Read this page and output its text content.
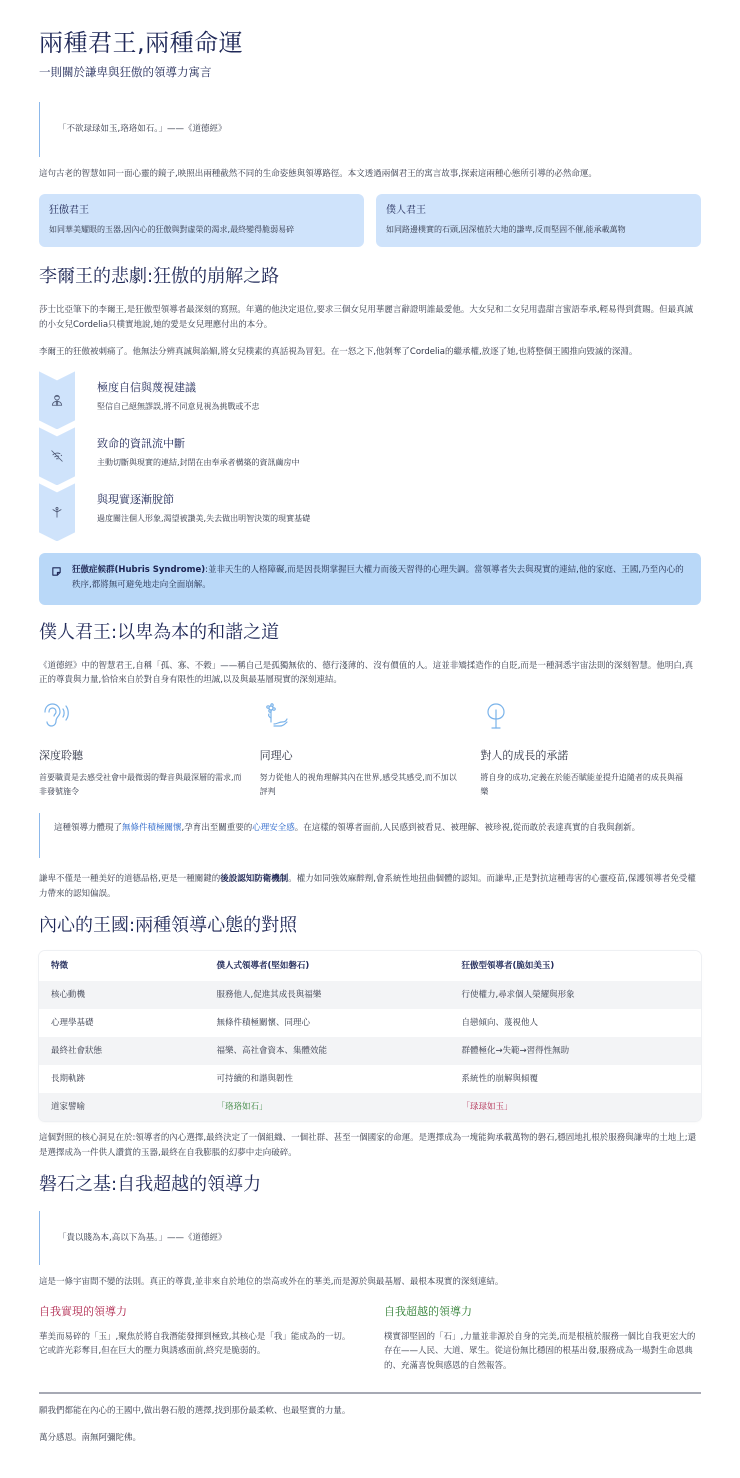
兩種君王,兩種命運
一則關於謙卑與狂傲的領導力寓言
「不欲琭琭如玉,珞珞如石。」——《道德經》

這句古老的智慧如同一面心靈的鏡子,映照出兩種截然不同的生命姿態與領導路徑。本文透過兩個君王的寓言故事,探索這兩種心態所引導的必然命運。

狂傲君王
如同華美耀眼的玉器,因內心的狂傲與對虛榮的渴求,最終變得脆弱易碎
僕人君王
如同路邊樸實的石頭,因深植於大地的謙卑,反而堅固不催,能承載萬物
李爾王的悲劇:狂傲的崩解之路

莎士比亞筆下的李爾王,是狂傲型領導者最深刻的寫照。年邁的他決定退位,要求三個女兒用華麗言辭證明誰最愛他。大女兒和二女兒用盡甜言蜜語奉承,輕易得到賞賜。但最真誠的小女兒Cordelia只樸實地說,她的愛是女兒理應付出的本分。

李爾王的狂傲被刺痛了。他無法分辨真誠與諂媚,將女兒樸素的真話視為冒犯。在一怒之下,他剝奪了Cordelia的繼承權,放逐了她,也將整個王國推向毀滅的深淵。

極度自信與蔑視建議
堅信自己絕無謬誤,將不同意見視為挑戰或不忠
致命的資訊流中斷
主動切斷與現實的連結,封閉在由奉承者構築的資訊繭房中
與現實逐漸脫節
過度關注個人形象,渴望被讚美,失去做出明智決策的現實基礎
狂傲症候群(Hubris Syndrome):並非天生的人格障礙,而是因長期掌握巨大權力而後天習得的心理失調。當領導者失去與現實的連結,他的家庭、王國,乃至內心的秩序,都將無可避免地走向全面崩解。
僕人君王:以卑為本的和諧之道

《道德經》中的智慧君王,自稱「孤、寡、不穀」——稱自己是孤獨無依的、德行淺薄的、沒有價值的人。這並非矯揉造作的自貶,而是一種洞悉宇宙法則的深刻智慧。他明白,真正的尊貴與力量,恰恰來自於對自身有限性的坦誠,以及與最基層現實的深刻連結。

深度聆聽
首要職責是去感受社會中最微弱的聲音與最深層的需求,而非發號施令
同理心
努力從他人的視角理解其內在世界,感受其感受,而不加以評判
對人的成長的承諾
將自身的成功,定義在於能否賦能並提升追隨者的成長與福樂
這種領導力體現了無條件積極關懷,孕育出至關重要的心理安全感。在這樣的領導者面前,人民感到被看見、被理解、被珍視,從而敢於表達真實的自我與創新。

謙卑不僅是一種美好的道德品格,更是一種關鍵的後設認知防衛機制。權力如同強效麻醉劑,會系統性地扭曲個體的認知。而謙卑,正是對抗這種毒害的心靈疫苗,保護領導者免受權力帶來的認知偏誤。

內心的王國:兩種領導心態的對照
特徵	僕人式領導者(堅如磐石)	狂傲型領導者(脆如美玉)
核心動機	服務他人,促進其成長與福樂	行使權力,尋求個人榮耀與形象
心理學基礎	無條件積極關懷、同理心	自戀傾向、蔑視他人
最終社會狀態	福樂、高社會資本、集體效能	群體極化→失範→習得性無助
長期軌跡	可持續的和諧與韌性	系統性的崩解與傾覆
道家譬喻	「珞珞如石」	「琭琭如玉」

這個對照的核心洞見在於:領導者的內心選擇,最終決定了一個組織、一個社群、甚至一個國家的命運。是選擇成為一塊能夠承載萬物的磐石,穩固地扎根於服務與謙卑的土地上;還是選擇成為一件供人讚賞的玉器,最終在自我膨脹的幻夢中走向破碎。

磐石之基:自我超越的領導力
「貴以賤為本,高以下為基。」——《道德經》

這是一條宇宙間不變的法則。真正的尊貴,並非來自於地位的崇高或外在的華美,而是源於與最基層、最根本現實的深刻連結。

自我實現的領導力
華美而易碎的「玉」,聚焦於將自我潛能發揮到極致,其核心是「我」能成為的一切。它或許光彩奪目,但在巨大的壓力與誘惑面前,終究是脆弱的。
自我超越的領導力
樸實卻堅固的「石」,力量並非源於自身的完美,而是根植於服務一個比自我更宏大的存在——人民、大道、眾生。從這份無比穩固的根基出發,服務成為一場對生命恩典的、充滿喜悅與感恩的自然報答。

願我們都能在內心的王國中,做出磐石般的選擇,找到那份最柔軟、也最堅實的力量。

萬分感恩。南無阿彌陀佛。
